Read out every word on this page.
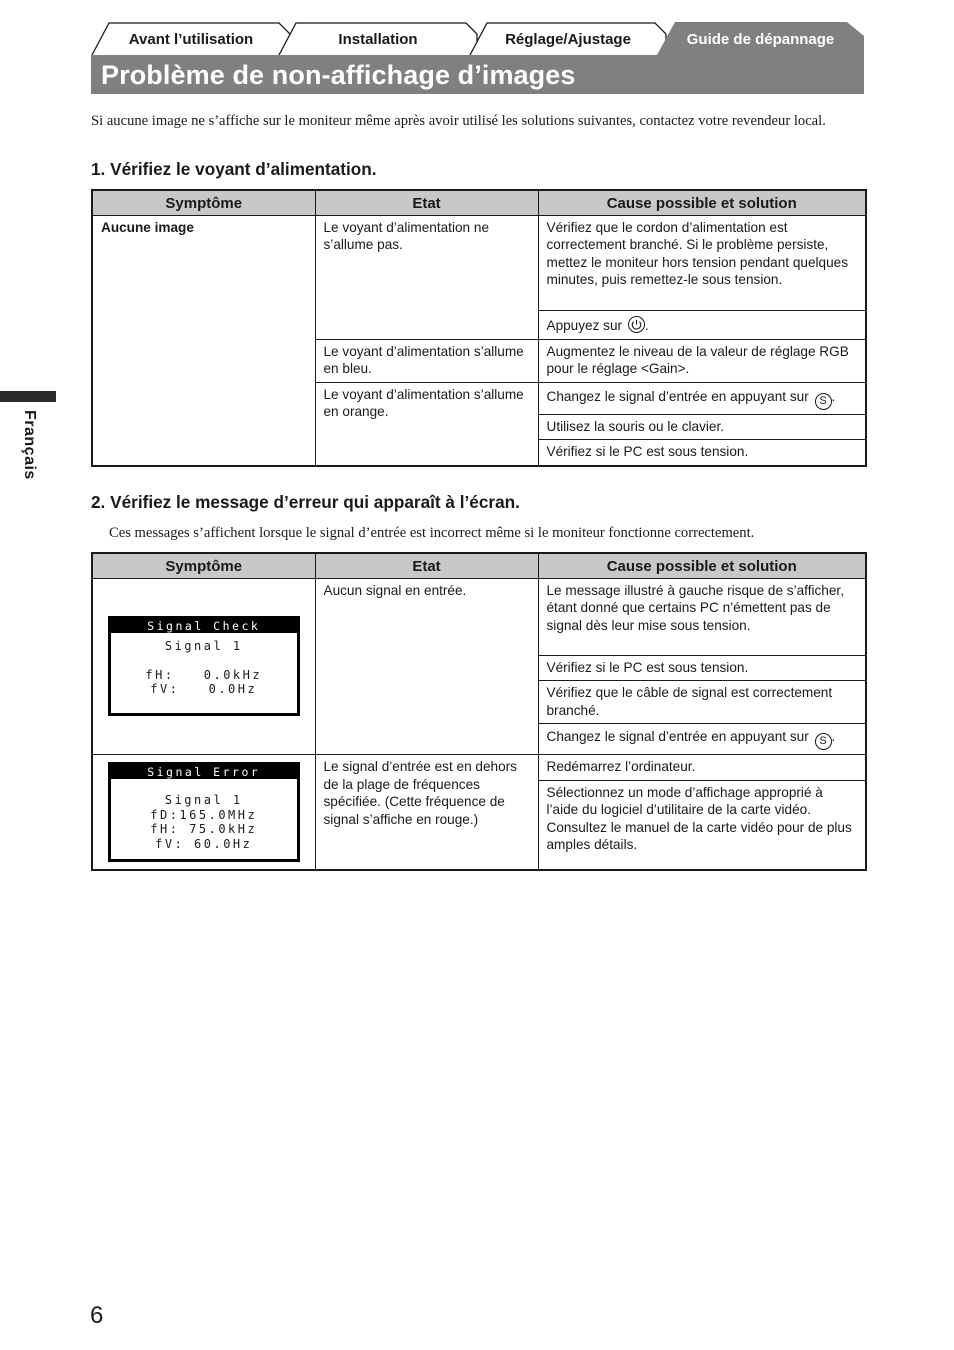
Avant l’utilisation	Installation	Réglage/Ajustage	Guide de dépannage
Problème de non-affichage d’images

Si aucune image ne s’affiche sur le moniteur même après avoir utilisé les solutions suivantes, contactez votre revendeur local.

1. Vérifiez le voyant d’alimentation.
Symptôme	Etat	Cause possible et solution
Aucune image	Le voyant d’alimentation ne s’allume pas.	Vérifiez que le cordon d’alimentation est correctement branché. Si le problème persiste, mettez le moniteur hors tension pendant quelques minutes, puis remettez-le sous tension.
		Appuyez sur .
	Le voyant d’alimentation s’allume en bleu.	Augmentez le niveau de la valeur de réglage RGB pour le réglage <Gain>.
	Le voyant d’alimentation s’allume en orange.	Changez le signal d’entrée en appuyant sur S .
		Utilisez la souris ou le clavier.
		Vérifiez si le PC est sous tension.
2. Vérifiez le message d’erreur qui apparaît à l’écran.
Ces messages s’affichent lorsque le signal d’entrée est incorrect même si le moniteur fonctionne correctement.
Symptôme	Etat	Cause possible et solution

Signal Check
Signal 1
fH:   0.0kHz
fV:   0.0Hz	Aucun signal en entrée.	Le message illustré à gauche risque de s’afficher, étant donné que certains PC n’émettent pas de signal dès leur mise sous tension.
		Vérifiez si le PC est sous tension.
		Vérifiez que le câble de signal est correctement branché.
		Changez le signal d’entrée en appuyant sur S .

Signal Error
Signal 1
fD:165.0MHz
fH: 75.0kHz
fV: 60.0Hz	Le signal d’entrée est en dehors de la plage de fréquences spécifiée. (Cette fréquence de signal s’affiche en rouge.)	Redémarrez l’ordinateur.
		Sélectionnez un mode d’affichage approprié à l’aide du logiciel d’utilitaire de la carte vidéo. Consultez le manuel de la carte vidéo pour de plus amples détails.
Français
6
